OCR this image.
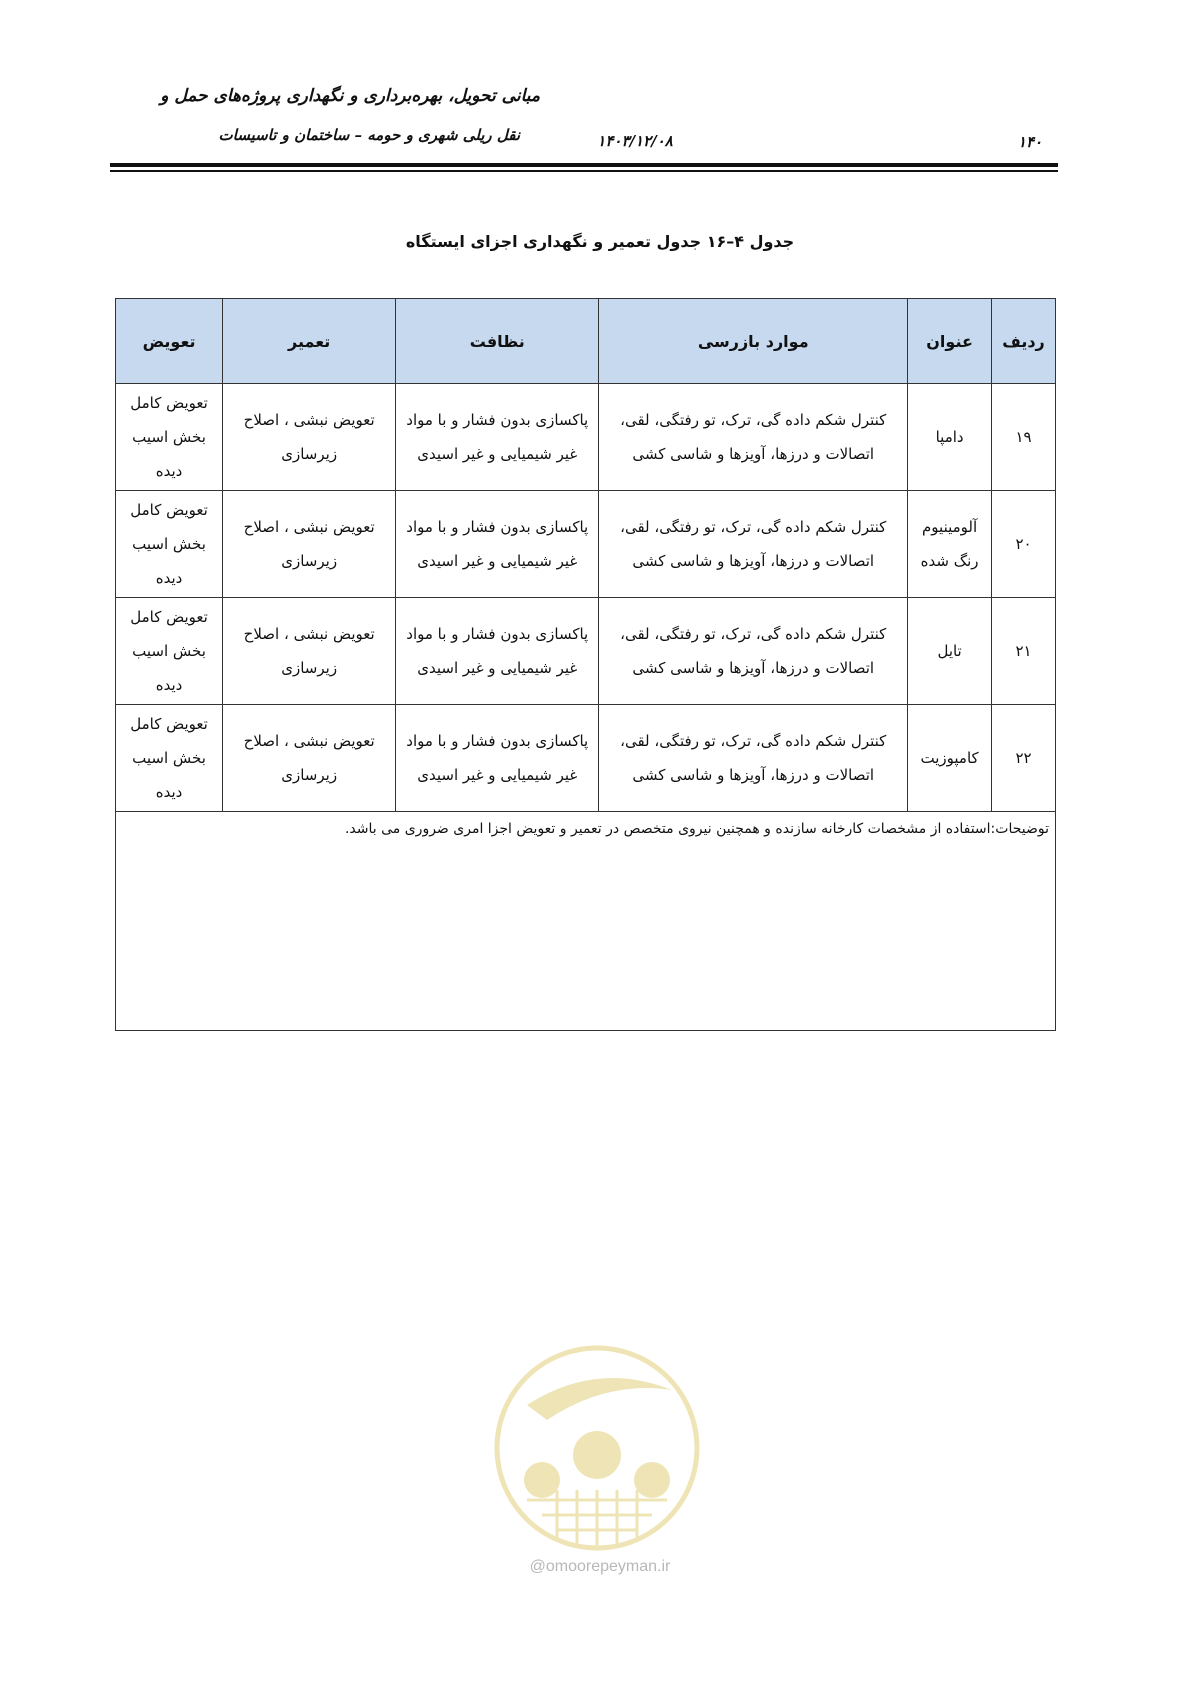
مبانی تحویل، بهره‌برداری و نگهداری پروژه‌های حمل و
نقل ریلی شهری و حومه – ساختمان و تاسیسات	۱۴۰۳/۱۲/۰۸	۱۴۰
جدول ۴–۱۶ جدول تعمیر و نگهداری اجزای ایستگاه
ردیف	عنوان	موارد بازرسی	نظافت	تعمیر	تعویض
۱۹	دامپا	کنترل شکم داده گی، ترک، تو رفتگی، لقی، اتصالات و درزها، آویزها و شاسی کشی	پاکسازی بدون فشار و با مواد غیر شیمیایی و غیر اسیدی	تعویض نبشی ، اصلاح زیرسازی	تعویض کامل بخش اسیب دیده
۲۰	آلومینیوم رنگ شده	کنترل شکم داده گی، ترک، تو رفتگی، لقی، اتصالات و درزها، آویزها و شاسی کشی	پاکسازی بدون فشار و با مواد غیر شیمیایی و غیر اسیدی	تعویض نبشی ، اصلاح زیرسازی	تعویض کامل بخش اسیب دیده
۲۱	تایل	کنترل شکم داده گی، ترک، تو رفتگی، لقی، اتصالات و درزها، آویزها و شاسی کشی	پاکسازی بدون فشار و با مواد غیر شیمیایی و غیر اسیدی	تعویض نبشی ، اصلاح زیرسازی	تعویض کامل بخش اسیب دیده
۲۲	کامپوزیت	کنترل شکم داده گی، ترک، تو رفتگی، لقی، اتصالات و درزها، آویزها و شاسی کشی	پاکسازی بدون فشار و با مواد غیر شیمیایی و غیر اسیدی	تعویض نبشی ، اصلاح زیرسازی	تعویض کامل بخش اسیب دیده
توضیحات:استفاده از مشخصات کارخانه سازنده و همچنین نیروی متخصص در تعمیر و تعویض اجزا امری ضروری می باشد.					
@omoorepeyman.ir
